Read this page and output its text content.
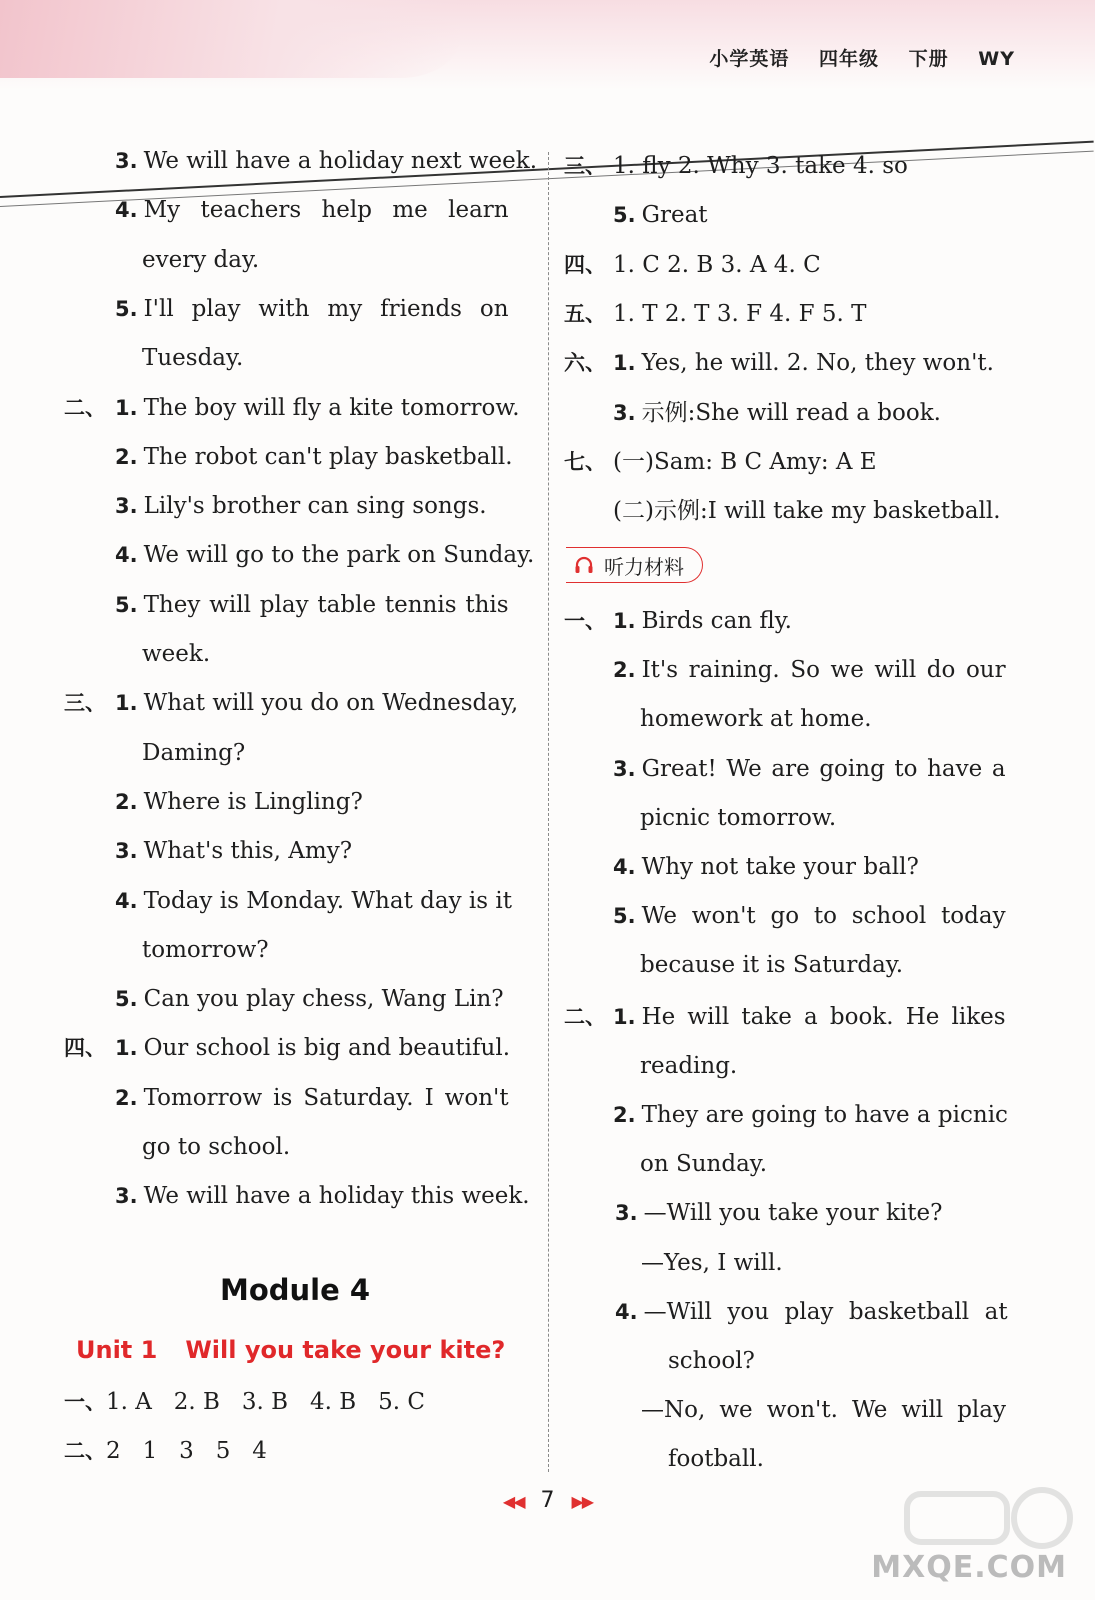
小学英语 四年级 下册 WY
3. We will have a holiday next week.
4. My teachers help me learn
every day.
5. I'll play with my friends on
Tuesday.
二、 1. The boy will fly a kite tomorrow.
2. The robot can't play basketball.
3. Lily's brother can sing songs.
4. We will go to the park on Sunday.
5. They will play table tennis this
week.
三、 1. What will you do on Wednesday,
Daming?
2. Where is Lingling?
3. What's this, Amy?
4. Today is Monday. What day is it
tomorrow?
5. Can you play chess, Wang Lin?
四、 1. Our school is big and beautiful.
2. Tomorrow is Saturday. I won't
go to school.
3. We will have a holiday this week.
Module 4
Unit 1 Will you take your kite?
一、1. A   2. B   3. B   4. B   5. C
二、2   1   3   5   4
三、 1. fly 2. Why 3. take 4. so
5. Great
四、 1. C 2. B 3. A 4. C
五、 1. T 2. T 3. F 4. F 5. T
六、 1. Yes, he will. 2. No, they won't.
3. 示例:She will read a book.
七、 (一)Sam: B C Amy: A E
(二)示例:I will take my basketball.
听力材料
一、 1. Birds can fly.
2. It's raining. So we will do our
homework at home.
3. Great! We are going to have a
picnic tomorrow.
4. Why not take your ball?
5. We won't go to school today
because it is Saturday.
二、 1. He will take a book. He likes
reading.
2. They are going to have a picnic
on Sunday.
3. —Will you take your kite?
—Yes, I will.
4. —Will you play basketball at
school?
—No, we won't. We will play
football.
◀◀ 7 ▶▶
MXQE.COM
